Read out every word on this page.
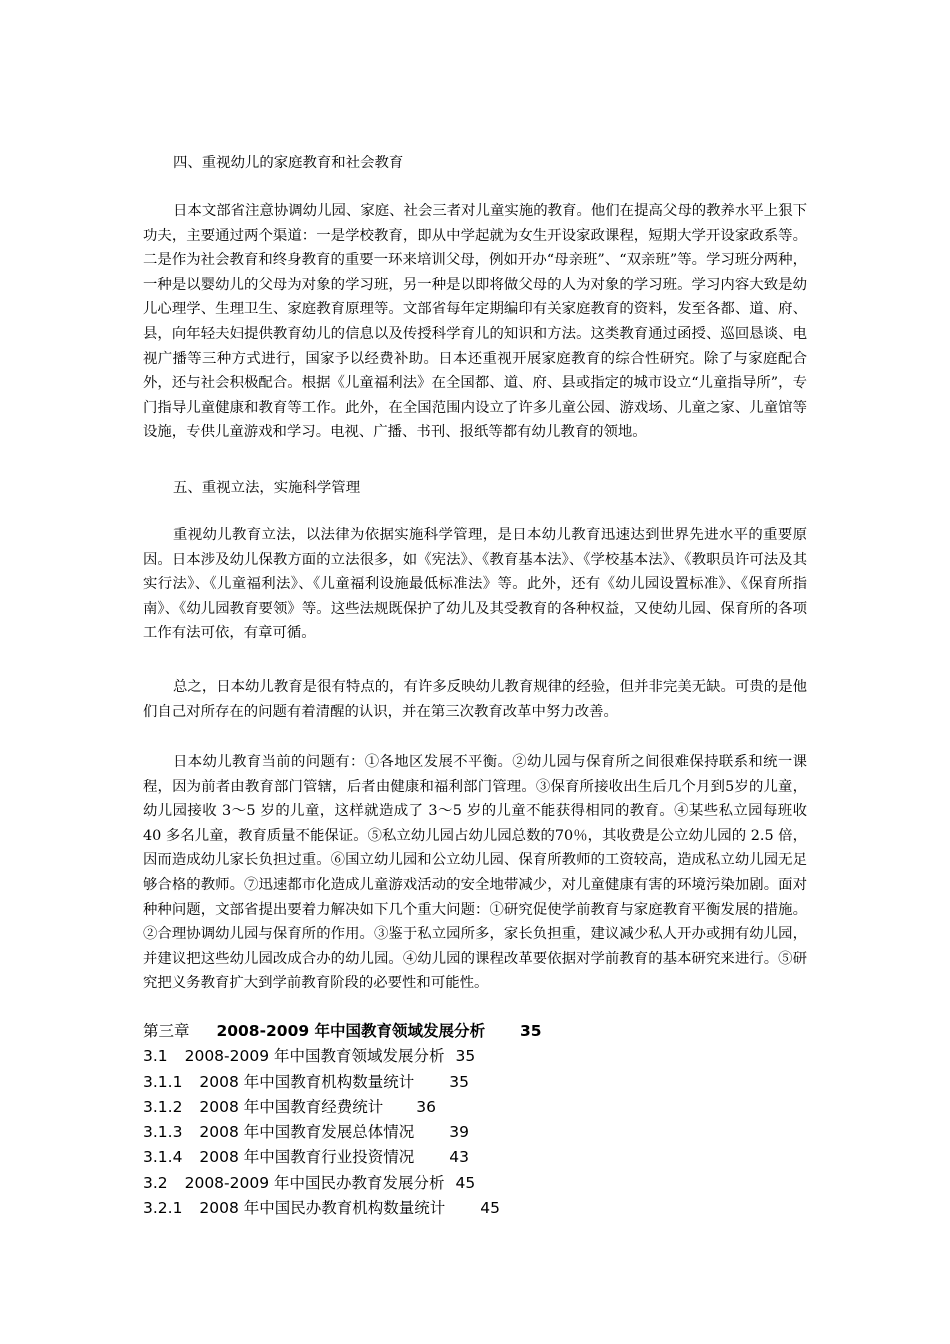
四、重视幼儿的家庭教育和社会教育

日本文部省注意协调幼儿园、家庭、社会三者对儿童实施的教育。他们在提高父母的教养水平上狠下功夫，主要通过两个渠道：一是学校教育，即从中学起就为女生开设家政课程，短期大学开设家政系等。二是作为社会教育和终身教育的重要一环来培训父母，例如开办“母亲班”、“双亲班”等。学习班分两种，一种是以婴幼儿的父母为对象的学习班，另一种是以即将做父母的人为对象的学习班。学习内容大致是幼儿心理学、生理卫生、家庭教育原理等。文部省每年定期编印有关家庭教育的资料，发至各都、道、府、县，向年轻夫妇提供教育幼儿的信息以及传授科学育儿的知识和方法。这类教育通过函授、巡回恳谈、电视广播等三种方式进行，国家予以经费补助。日本还重视开展家庭教育的综合性研究。除了与家庭配合外，还与社会积极配合。根据《儿童福利法》在全国都、道、府、县或指定的城市设立“儿童指导所”，专门指导儿童健康和教育等工作。此外，在全国范围内设立了许多儿童公园、游戏场、儿童之家、儿童馆等设施，专供儿童游戏和学习。电视、广播、书刊、报纸等都有幼儿教育的领地。

五、重视立法，实施科学管理

重视幼儿教育立法，以法律为依据实施科学管理，是日本幼儿教育迅速达到世界先进水平的重要原因。日本涉及幼儿保教方面的立法很多，如《宪法》、《教育基本法》、《学校基本法》、《教职员许可法及其实行法》、《儿童福利法》、《儿童福利设施最低标准法》等。此外，还有《幼儿园设置标准》、《保育所指南》、《幼儿园教育要领》等。这些法规既保护了幼儿及其受教育的各种权益，又使幼儿园、保育所的各项工作有法可依，有章可循。

总之，日本幼儿教育是很有特点的，有许多反映幼儿教育规律的经验，但并非完美无缺。可贵的是他们自己对所存在的问题有着清醒的认识，并在第三次教育改革中努力改善。

日本幼儿教育当前的问题有：①各地区发展不平衡。②幼儿园与保育所之间很难保持联系和统一课程，因为前者由教育部门管辖，后者由健康和福利部门管理。③保育所接收出生后几个月到5岁的儿童，幼儿园接收 3～5 岁的儿童，这样就造成了 3～5 岁的儿童不能获得相同的教育。④某些私立园每班收 40 多名儿童，教育质量不能保证。⑤私立幼儿园占幼儿园总数的70％，其收费是公立幼儿园的 2.5 倍，因而造成幼儿家长负担过重。⑥国立幼儿园和公立幼儿园、保育所教师的工资较高，造成私立幼儿园无足够合格的教师。⑦迅速都市化造成儿童游戏活动的安全地带减少，对儿童健康有害的环境污染加剧。面对种种问题，文部省提出要着力解决如下几个重大问题：①研究促使学前教育与家庭教育平衡发展的措施。②合理协调幼儿园与保育所的作用。③鉴于私立园所多，家长负担重，建议减少私人开办或拥有幼儿园，并建议把这些幼儿园改成合办的幼儿园。④幼儿园的课程改革要依据对学前教育的基本研究来进行。⑤研究把义务教育扩大到学前教育阶段的必要性和可能性。

第三章 2008-2009 年中国教育领域发展分析 35
3.1 2008-2009 年中国教育领域发展分析 35
3.1.1 2008 年中国教育机构数量统计 35
3.1.2 2008 年中国教育经费统计 36
3.1.3 2008 年中国教育发展总体情况 39
3.1.4 2008 年中国教育行业投资情况 43
3.2 2008-2009 年中国民办教育发展分析 45
3.2.1 2008 年中国民办教育机构数量统计 45
